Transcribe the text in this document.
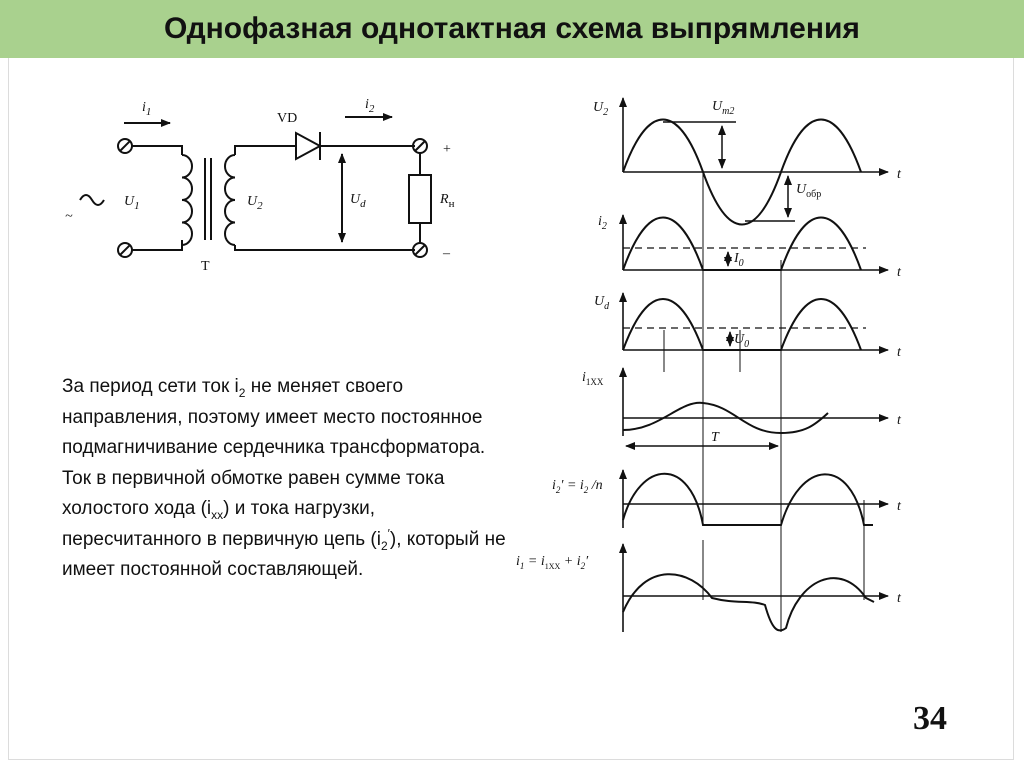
Однофазная однотактная схема выпрямления
$i_1$	$i_2$
VD
$U_1$	$U_2$	$U_d$	$R_н$
+
–
T
~
$U_2$	$U_{m2}$
$U_{обр}$
$i_2$
$I_0$
$U_d$
$U_0$
$i_{1XX}$
T
t
t
t
t
t
t
$i_2' = i_2$ /n
$i_1 = i_{1XX} + i_2'$

За период сети ток $i_2$ не меняет своего направления, поэтому имеет место постоянное подмагничивание сердечника трансформатора.

Ток в первичной обмотке равен сумме тока холостого хода $(i_{хх})$ и тока нагрузки, пересчитанного в первичную цепь $(i_2')$, который не имеет постоянной составляющей.

34
